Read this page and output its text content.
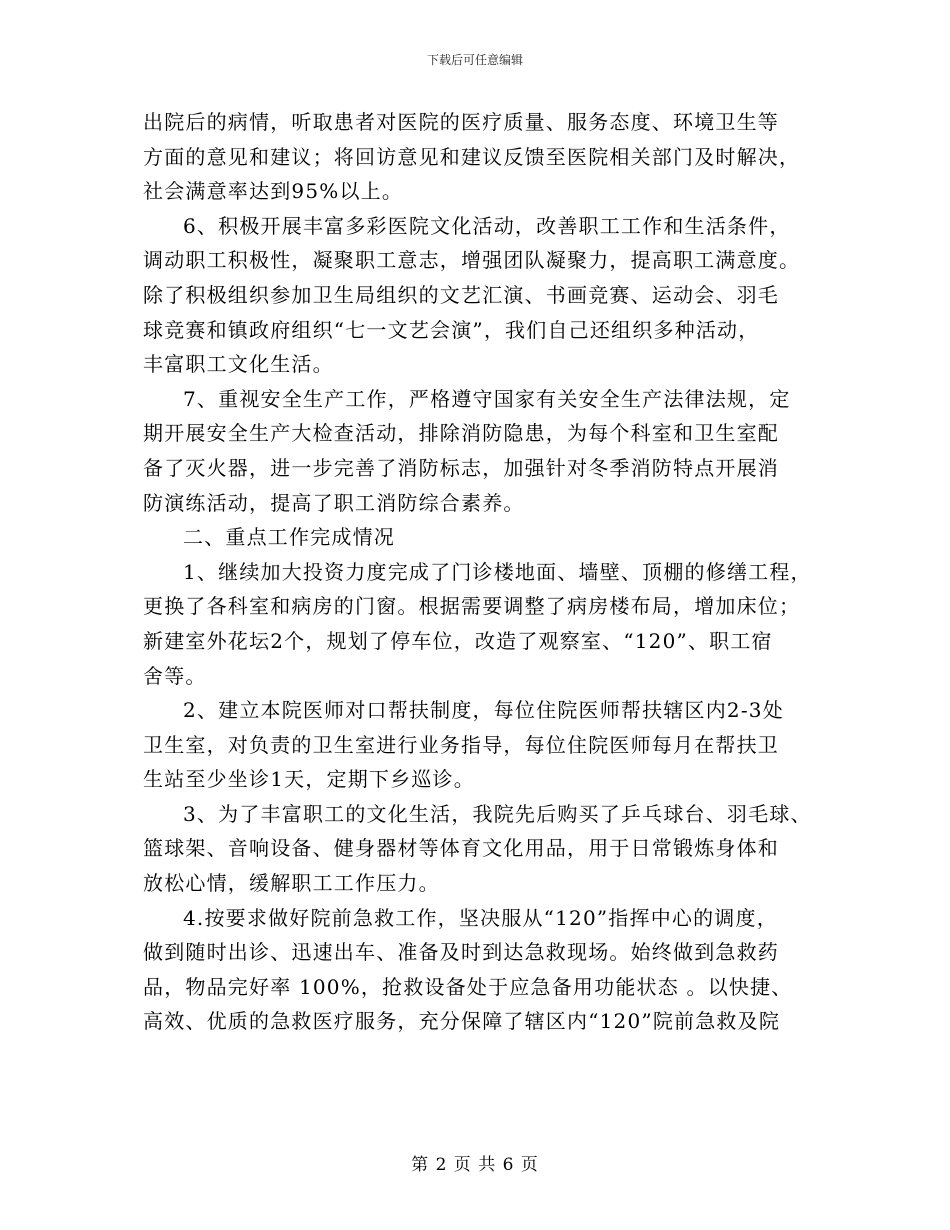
下载后可任意编辑
出院后的病情，听取患者对医院的医疗质量、服务态度、环境卫生等
方面的意见和建议；将回访意见和建议反馈至医院相关部门及时解决，
社会满意率达到95%以上。
6、积极开展丰富多彩医院文化活动，改善职工工作和生活条件，
调动职工积极性，凝聚职工意志，增强团队凝聚力，提高职工满意度。
除了积极组织参加卫生局组织的文艺汇演、书画竞赛、运动会、羽毛
球竞赛和镇政府组织“七一文艺会演”，我们自己还组织多种活动，
丰富职工文化生活。
7、重视安全生产工作，严格遵守国家有关安全生产法律法规，定
期开展安全生产大检查活动，排除消防隐患，为每个科室和卫生室配
备了灭火器，进一步完善了消防标志，加强针对冬季消防特点开展消
防演练活动，提高了职工消防综合素养。
二、重点工作完成情况
1、继续加大投资力度完成了门诊楼地面、墙壁、顶棚的修缮工程，
更换了各科室和病房的门窗。根据需要调整了病房楼布局，增加床位；
新建室外花坛2个，规划了停车位，改造了观察室、“120”、职工宿
舍等。
2、建立本院医师对口帮扶制度，每位住院医师帮扶辖区内2-3处
卫生室，对负责的卫生室进行业务指导，每位住院医师每月在帮扶卫
生站至少坐诊1天，定期下乡巡诊。
3、为了丰富职工的文化生活，我院先后购买了乒乓球台、羽毛球、
篮球架、音响设备、健身器材等体育文化用品，用于日常锻炼身体和
放松心情，缓解职工工作压力。
4.按要求做好院前急救工作，坚决服从“120”指挥中心的调度，
做到随时出诊、迅速出车、准备及时到达急救现场。始终做到急救药
品，物品完好率 100%，抢救设备处于应急备用功能状态 。以快捷、
高效、优质的急救医疗服务，充分保障了辖区内“120”院前急救及院
第 2 页 共 6 页
